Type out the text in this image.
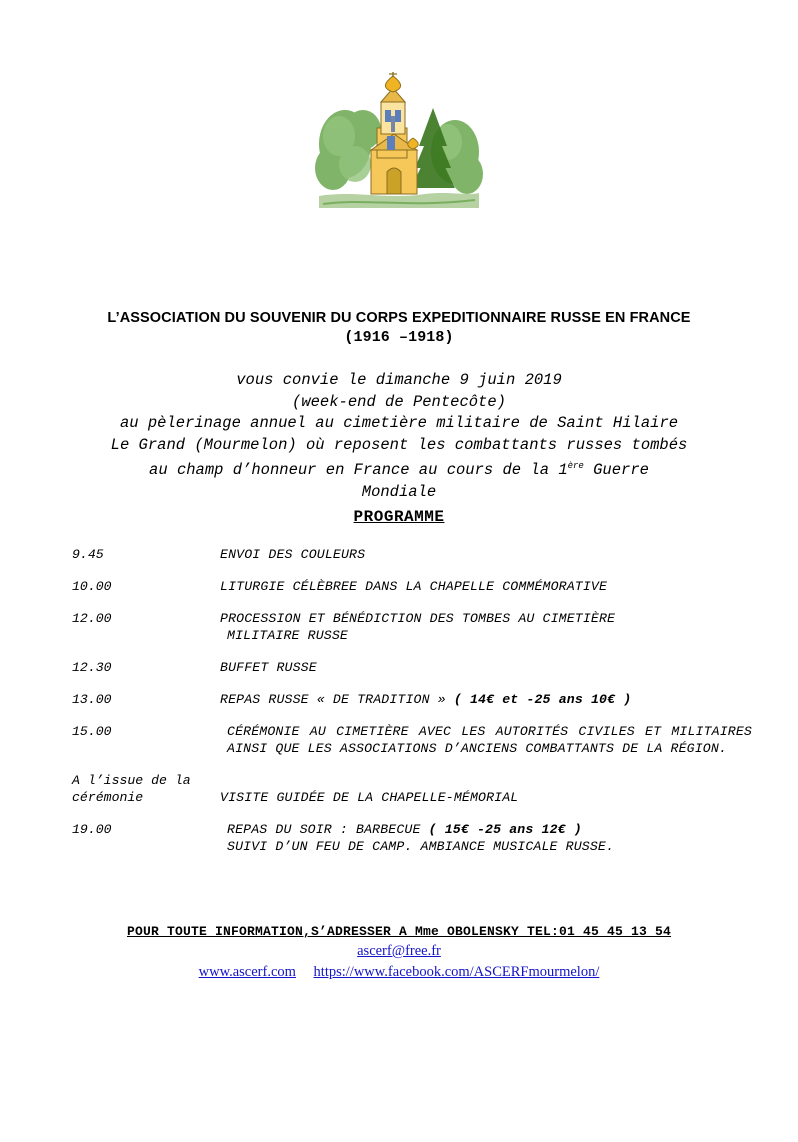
L’ASSOCIATION DU SOUVENIR DU CORPS EXPEDITIONNAIRE RUSSE EN FRANCE
(1916 –1918)
vous convie le dimanche 9 juin 2019
(week-end de Pentecôte)
au pèlerinage annuel au cimetière militaire de Saint Hilaire
Le Grand (Mourmelon) où reposent les combattants russes tombés
au champ d’honneur en France au cours de la 1ère Guerre
Mondiale
PROGRAMME
9.45	ENVOI DES COULEURS
10.00	LITURGIE CÉLÈBREE DANS LA CHAPELLE COMMÉMORATIVE
12.00	PROCESSION ET BÉNÉDICTION DES TOMBES AU CIMETIÈRE
MILITAIRE RUSSE
12.30	BUFFET RUSSE
13.00	REPAS RUSSE « DE TRADITION » ( 14€ et -25 ans 10€ )
15.00	CÉRÉMONIE AU CIMETIÈRE AVEC LES AUTORITÉS CIVILES ET MILITAIRES AINSI QUE LES ASSOCIATIONS D’ANCIENS COMBATTANTS DE LA RÉGION.
A l’issue de la
cérémonie	VISITE GUIDÉE DE LA CHAPELLE-MÉMORIAL
19.00	REPAS DU SOIR : BARBECUE ( 15€ -25 ans 12€ )
SUIVI D’UN FEU DE CAMP. AMBIANCE MUSICALE RUSSE.
POUR TOUTE INFORMATION,S’ADRESSER A Mme OBOLENSKY TEL:01 45 45 13 54
ascerf@free.fr
www.ascerf.com https://www.facebook.com/ASCERFmourmelon/
